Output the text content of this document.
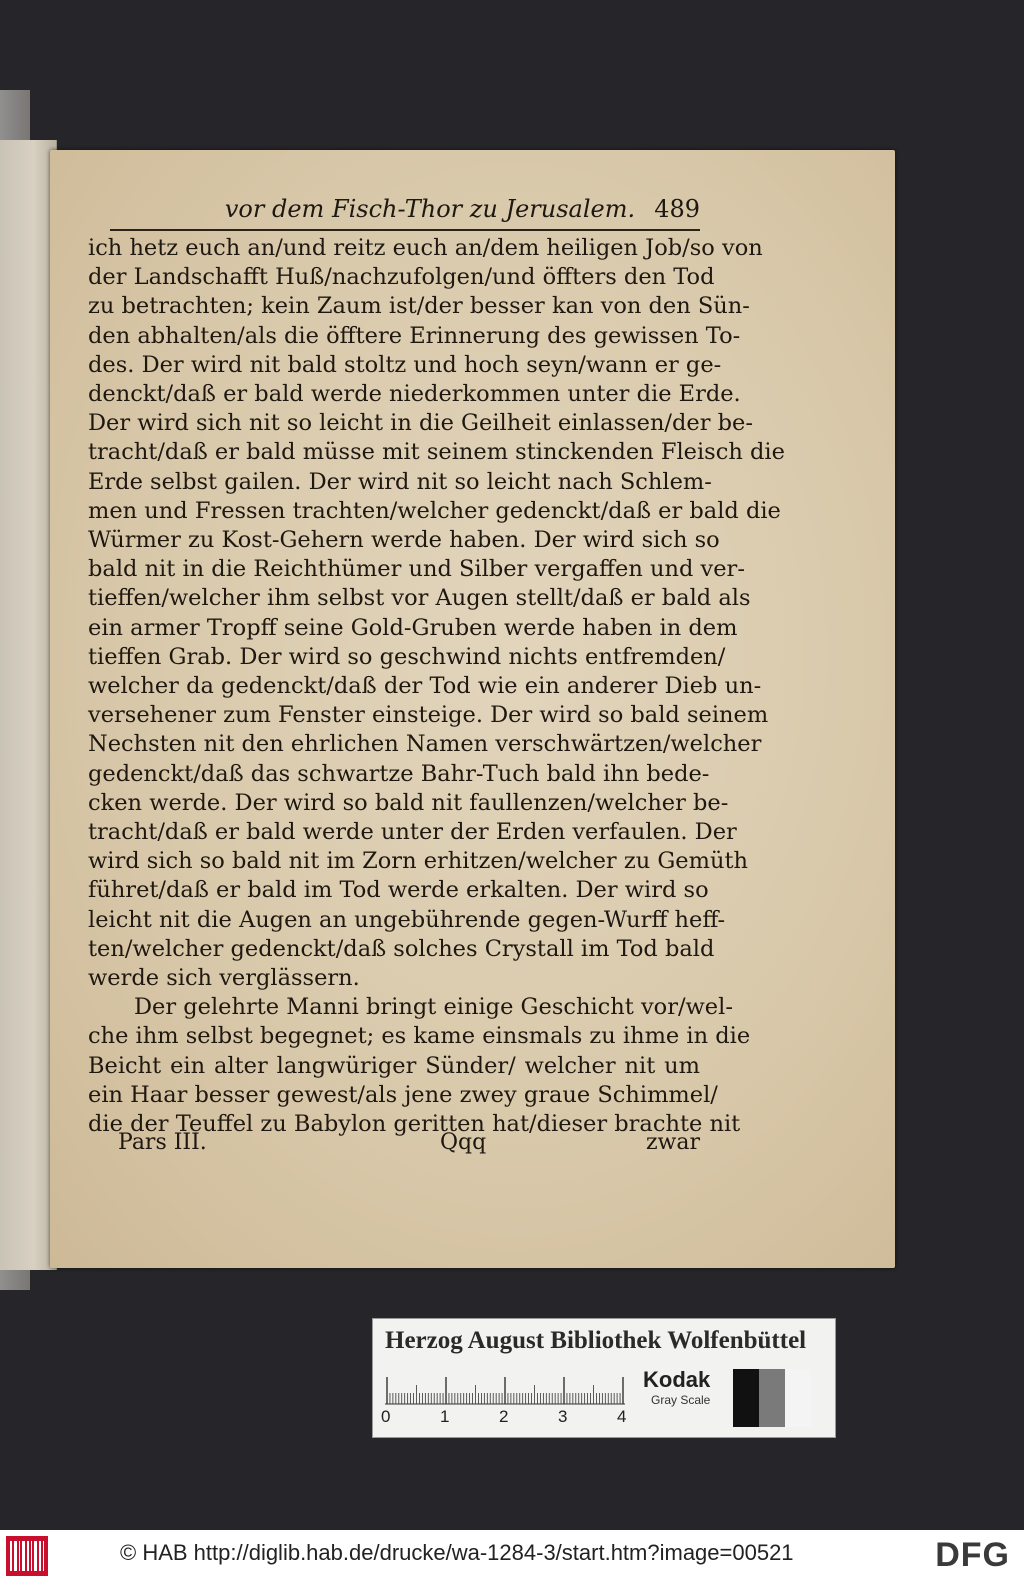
vor dem Fisch-Thor zu Jerusalem. 489
ich hetz euch an/und reitz euch an/dem heiligen Job/so von
der Landschafft Huß/nachzufolgen/und öffters den Tod
zu betrachten; kein Zaum ist/der besser kan von den Sün-
den abhalten/als die öfftere Erinnerung des gewissen To-
des. Der wird nit bald stoltz und hoch seyn/wann er ge-
denckt/daß er bald werde niederkommen unter die Erde.
Der wird sich nit so leicht in die Geilheit einlassen/der be-
tracht/daß er bald müsse mit seinem stinckenden Fleisch die
Erde selbst gailen. Der wird nit so leicht nach Schlem-
men und Fressen trachten/welcher gedenckt/daß er bald die
Würmer zu Kost-Gehern werde haben. Der wird sich so
bald nit in die Reichthümer und Silber vergaffen und ver-
tieffen/welcher ihm selbst vor Augen stellt/daß er bald als
ein armer Tropff seine Gold-Gruben werde haben in dem
tieffen Grab. Der wird so geschwind nichts entfremden/
welcher da gedenckt/daß der Tod wie ein anderer Dieb un-
versehener zum Fenster einsteige. Der wird so bald seinem
Nechsten nit den ehrlichen Namen verschwärtzen/welcher
gedenckt/daß das schwartze Bahr-Tuch bald ihn bede-
cken werde. Der wird so bald nit faullenzen/welcher be-
tracht/daß er bald werde unter der Erden verfaulen. Der
wird sich so bald nit im Zorn erhitzen/welcher zu Gemüth
führet/daß er bald im Tod werde erkalten. Der wird so
leicht nit die Augen an ungebührende gegen-Wurff heff-
ten/welcher gedenckt/daß solches Crystall im Tod bald
werde sich verglässern.
Der gelehrte Manni bringt einige Geschicht vor/wel-
che ihm selbst begegnet; es kame einsmals zu ihme in die
Beicht ein alter langwüriger Sünder/ welcher nit um
ein Haar besser gewest/als jene zwey graue Schimmel/
die der Teuffel zu Babylon geritten hat/dieser brachte nit
Pars III.	Qqq	zwar
Herzog August Bibliothek Wolfenbüttel
0	1	2	3	4
Kodak
Gray Scale
© HAB http://diglib.hab.de/drucke/wa-1284-3/start.htm?image=00521	DFG
